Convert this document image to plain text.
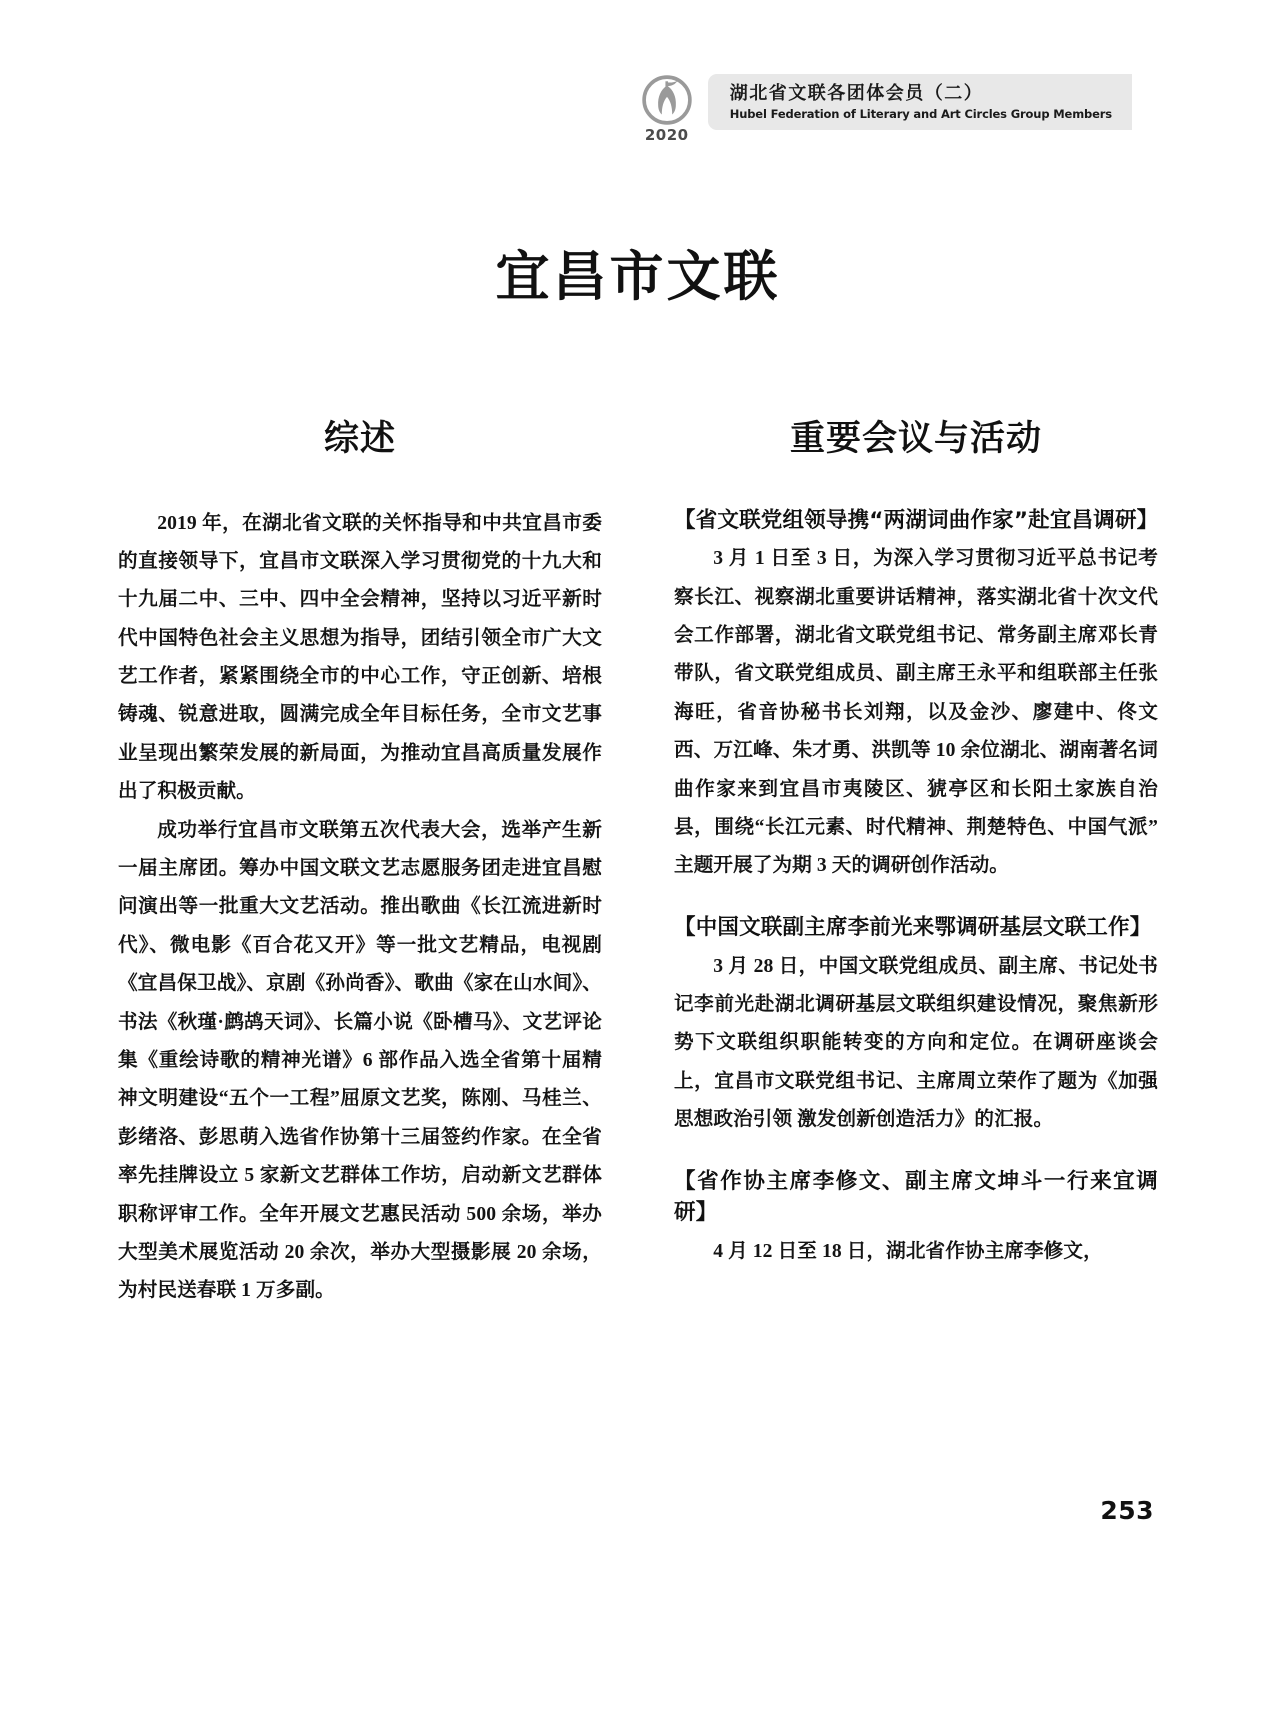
2020
湖北省文联各团体会员（二）
Hubel Federation of Literary and Art Circles Group Members
宜昌市文联
综述

2019 年，在湖北省文联的关怀指导和中共宜昌市委的直接领导下，宜昌市文联深入学习贯彻党的十九大和十九届二中、三中、四中全会精神，坚持以习近平新时代中国特色社会主义思想为指导，团结引领全市广大文艺工作者，紧紧围绕全市的中心工作，守正创新、培根铸魂、锐意进取，圆满完成全年目标任务，全市文艺事业呈现出繁荣发展的新局面，为推动宜昌高质量发展作出了积极贡献。

成功举行宜昌市文联第五次代表大会，选举产生新一届主席团。筹办中国文联文艺志愿服务团走进宜昌慰问演出等一批重大文艺活动。推出歌曲《长江流进新时代》、微电影《百合花又开》等一批文艺精品，电视剧《宜昌保卫战》、京剧《孙尚香》、歌曲《家在山水间》、书法《秋瑾·鹧鸪天词》、长篇小说《卧槽马》、文艺评论集《重绘诗歌的精神光谱》6 部作品入选全省第十届精神文明建设“五个一工程”屈原文艺奖，陈刚、马桂兰、彭绪洛、彭思萌入选省作协第十三届签约作家。在全省率先挂牌设立 5 家新文艺群体工作坊，启动新文艺群体职称评审工作。全年开展文艺惠民活动 500 余场，举办大型美术展览活动 20 余次，举办大型摄影展 20 余场，为村民送春联 1 万多副。

重要会议与活动
【省文联党组领导携“两湖词曲作家”赴宜昌调研】

3 月 1 日至 3 日，为深入学习贯彻习近平总书记考察长江、视察湖北重要讲话精神，落实湖北省十次文代会工作部署，湖北省文联党组书记、常务副主席邓长青带队，省文联党组成员、副主席王永平和组联部主任张海旺，省音协秘书长刘翔，以及金沙、廖建中、佟文西、万江峰、朱才勇、洪凯等 10 余位湖北、湖南著名词曲作家来到宜昌市夷陵区、猇亭区和长阳土家族自治县，围绕“长江元素、时代精神、荆楚特色、中国气派”主题开展了为期 3 天的调研创作活动。

【中国文联副主席李前光来鄂调研基层文联工作】

3 月 28 日，中国文联党组成员、副主席、书记处书记李前光赴湖北调研基层文联组织建设情况，聚焦新形势下文联组织职能转变的方向和定位。在调研座谈会上，宜昌市文联党组书记、主席周立荣作了题为《加强思想政治引领 激发创新创造活力》的汇报。

【省作协主席李修文、副主席文坤斗一行来宜调研】

4 月 12 日至 18 日，湖北省作协主席李修文，

253
